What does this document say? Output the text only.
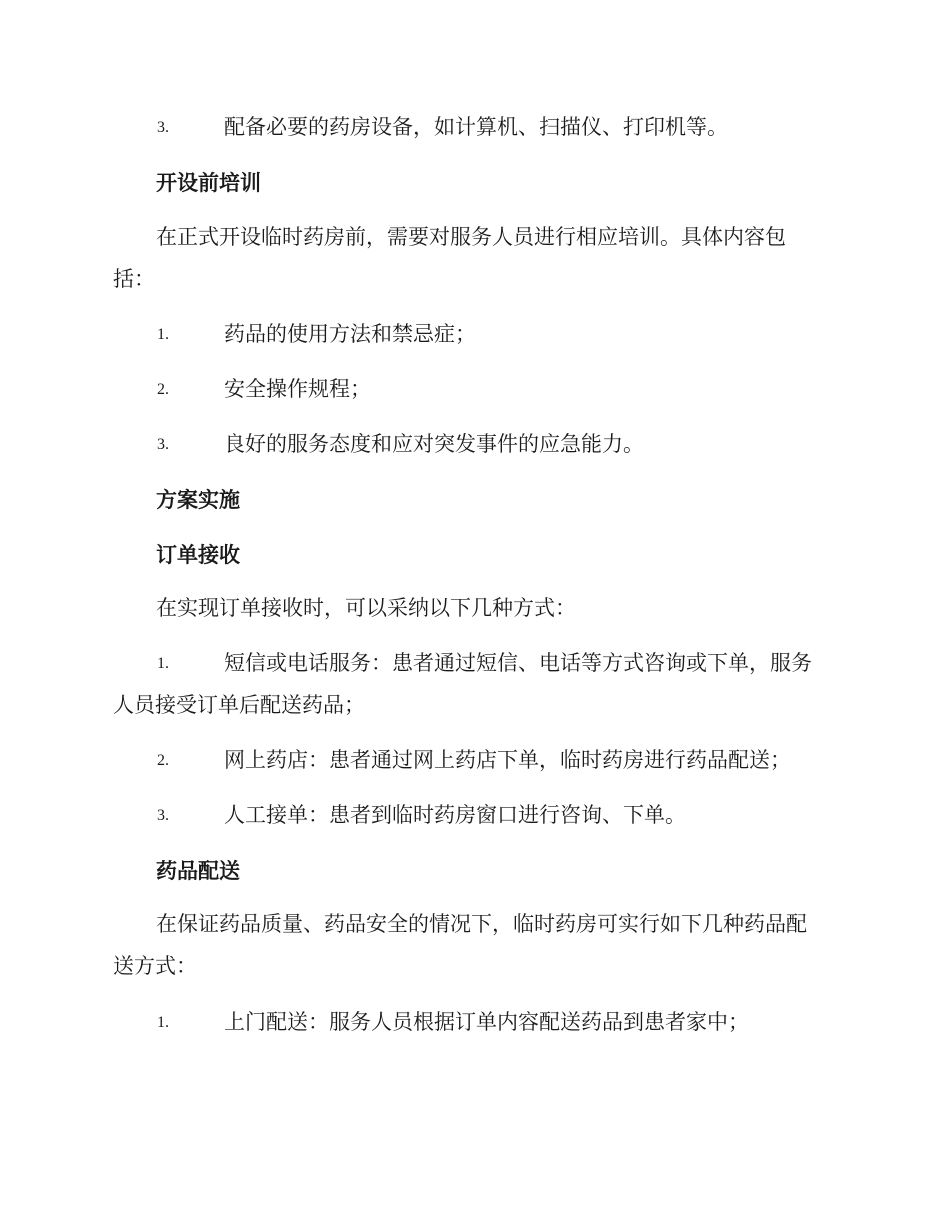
3.	配备必要的药房设备，如计算机、扫描仪、打印机等。
开设前培训
在正式开设临时药房前，需要对服务人员进行相应培训。具体内容包
括：
1.	药品的使用方法和禁忌症；
2.	安全操作规程；
3.	良好的服务态度和应对突发事件的应急能力。
方案实施
订单接收
在实现订单接收时，可以采纳以下几种方式：
1.	短信或电话服务：患者通过短信、电话等方式咨询或下单，服务
人员接受订单后配送药品；
2.	网上药店：患者通过网上药店下单，临时药房进行药品配送；
3.	人工接单：患者到临时药房窗口进行咨询、下单。
药品配送
在保证药品质量、药品安全的情况下，临时药房可实行如下几种药品配
送方式：
1.	上门配送：服务人员根据订单内容配送药品到患者家中；
